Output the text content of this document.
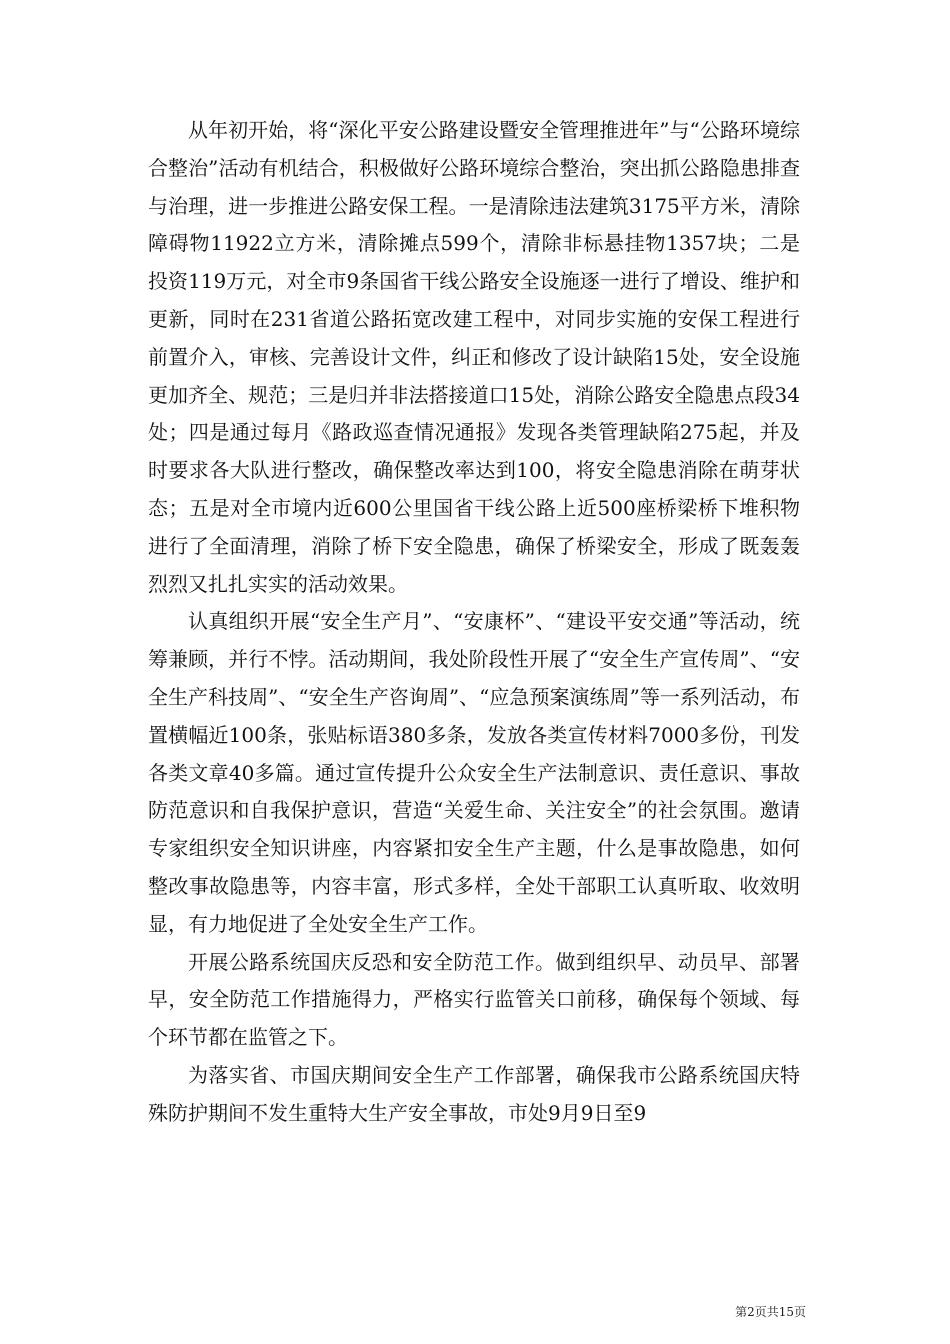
从年初开始，将“深化平安公路建设暨安全管理推进年”与“公路环境综合整治”活动有机结合，积极做好公路环境综合整治，突出抓公路隐患排查与治理，进一步推进公路安保工程。一是清除违法建筑3175平方米，清除障碍物11922立方米，清除摊点599个，清除非标悬挂物1357块；二是投资119万元，对全市9条国省干线公路安全设施逐一进行了增设、维护和更新，同时在231省道公路拓宽改建工程中，对同步实施的安保工程进行前置介入，审核、完善设计文件，纠正和修改了设计缺陷15处，安全设施更加齐全、规范；三是归并非法搭接道口15处，消除公路安全隐患点段34处；四是通过每月《路政巡查情况通报》发现各类管理缺陷275起，并及时要求各大队进行整改，确保整改率达到100，将安全隐患消除在萌芽状态；五是对全市境内近600公里国省干线公路上近500座桥梁桥下堆积物进行了全面清理，消除了桥下安全隐患，确保了桥梁安全，形成了既轰轰烈烈又扎扎实实的活动效果。

认真组织开展“安全生产月”、“安康杯”、“建设平安交通”等活动，统筹兼顾，并行不悖。活动期间，我处阶段性开展了“安全生产宣传周”、“安全生产科技周”、“安全生产咨询周”、“应急预案演练周”等一系列活动，布置横幅近100条，张贴标语380多条，发放各类宣传材料7000多份，刊发各类文章40多篇。通过宣传提升公众安全生产法制意识、责任意识、事故防范意识和自我保护意识，营造“关爱生命、关注安全”的社会氛围。邀请专家组织安全知识讲座，内容紧扣安全生产主题，什么是事故隐患，如何整改事故隐患等，内容丰富，形式多样，全处干部职工认真听取、收效明显，有力地促进了全处安全生产工作。

开展公路系统国庆反恐和安全防范工作。做到组织早、动员早、部署早，安全防范工作措施得力，严格实行监管关口前移，确保每个领域、每个环节都在监管之下。

为落实省、市国庆期间安全生产工作部署，确保我市公路系统国庆特殊防护期间不发生重特大生产安全事故，市处9月9日至9

第2页共15页
